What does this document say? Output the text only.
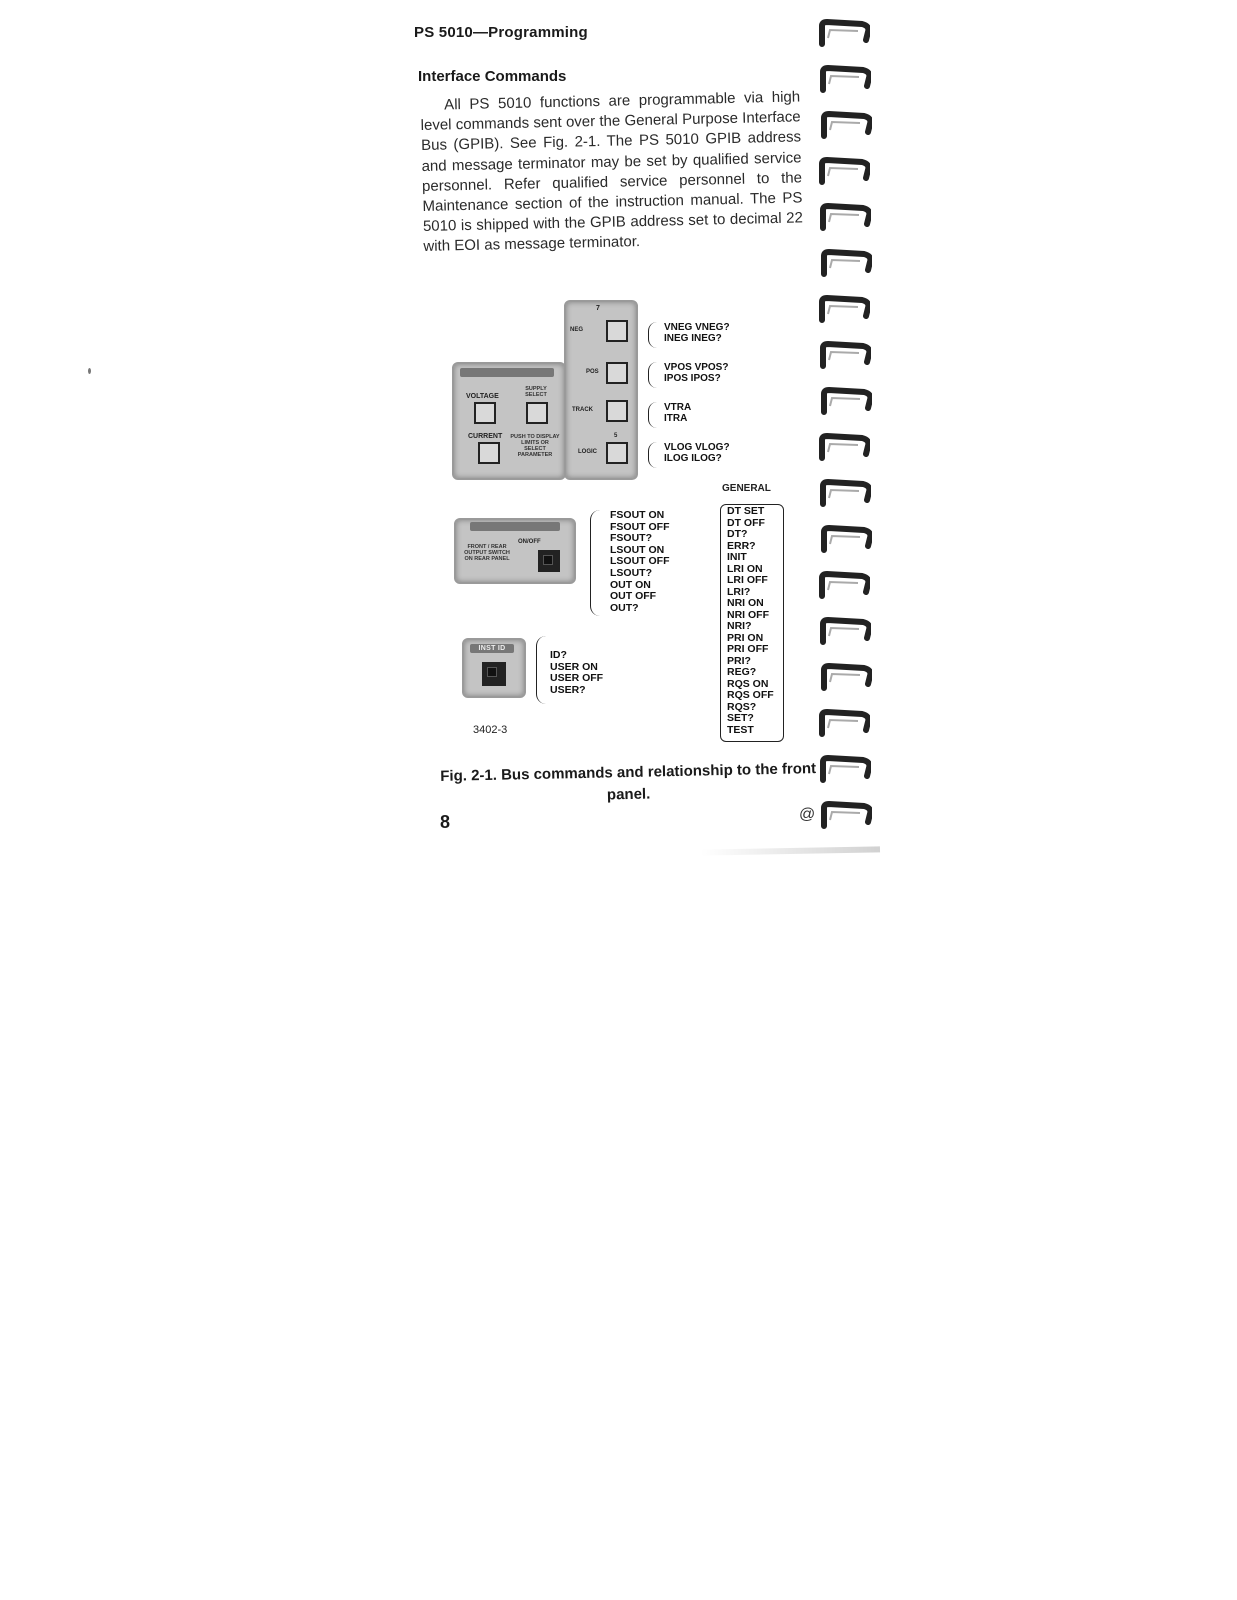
PS 5010—Programming
Interface Commands
All PS 5010 functions are programmable via high level commands sent over the General Purpose Interface Bus (GPIB). See Fig. 2-1. The PS 5010 GPIB address and message terminator may be set by qualified service personnel. Refer qualified service personnel to the Maintenance section of the instruction manual. The PS 5010 is shipped with the GPIB address set to decimal 22 with EOI as message terminator.
7
NEG
POS
TRACK
LOGIC
5
VOLTAGE
SUPPLY SELECT
CURRENT PUSH TO DISPLAY LIMITS OR SELECT PARAMETER
VNEG VNEG?
INEG INEG?
VPOS VPOS?
IPOS IPOS?
VTRA
ITRA
VLOG VLOG?
ILOG ILOG?
FRONT / REAR OUTPUT SWITCH ON REAR PANEL
ON/OFF
FSOUT ON
FSOUT OFF
FSOUT?
LSOUT ON
LSOUT OFF
LSOUT?
OUT ON
OUT OFF
OUT?
INST ID
ID?
USER ON
USER OFF
USER?
3402-3
GENERAL
DT SET
DT OFF
DT?
ERR?
INIT
LRI ON
LRI OFF
LRI?
NRI ON
NRI OFF
NRI?
PRI ON
PRI OFF
PRI?
REG?
RQS ON
RQS OFF
RQS?
SET?
TEST
Fig. 2-1. Bus commands and relationship to the front panel.
8	@
